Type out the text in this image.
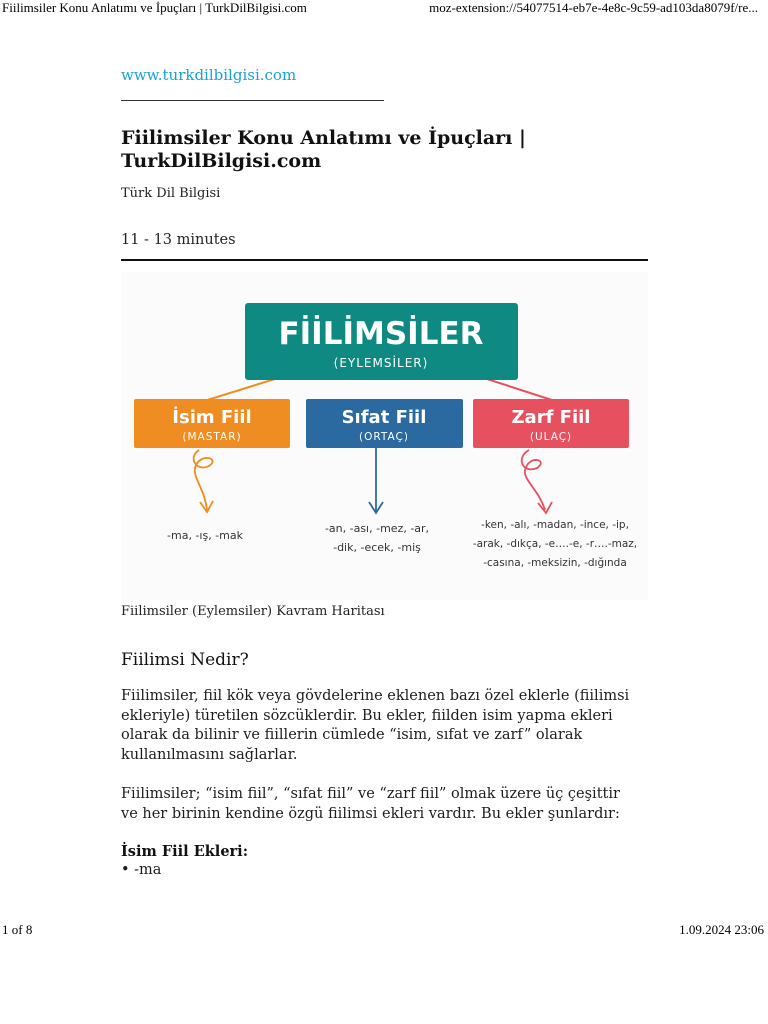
Fiilimsiler Konu Anlatımı ve İpuçları | TurkDilBilgisi.com	moz-extension://54077514-eb7e-4e8c-9c59-ad103da8079f/re...
www.turkdilbilgisi.com
Fiilimsiler Konu Anlatımı ve İpuçları | TurkDilBilgisi.com
Türk Dil Bilgisi
11 - 13 minutes
FİİLİMSİLER
(EYLEMSİLER)
İsim Fiil
(MASTAR)
Sıfat Fiil
(ORTAÇ)
Zarf Fiil
(ULAÇ)
-ma, -ış, -mak
-an, -ası, -mez, -ar,
-dik, -ecek, -miş
-ken, -alı, -madan, -ince, -ip,
-arak, -dıkça, -e….-e, -r….-maz,
-casına, -meksizin, -dığında
Fiilimsiler (Eylemsiler) Kavram Haritası
Fiilimsi Nedir?

Fiilimsiler, fiil kök veya gövdelerine eklenen bazı özel eklerle (fiilimsi ekleriyle) türetilen sözcüklerdir. Bu ekler, fiilden isim yapma ekleri olarak da bilinir ve fiillerin cümlede “isim, sıfat ve zarf” olarak kullanılmasını sağlarlar.

Fiilimsiler; “isim fiil”, “sıfat fiil” ve “zarf fiil” olmak üzere üç çeşittir ve her birinin kendine özgü fiilimsi ekleri vardır. Bu ekler şunlardır:

İsim Fiil Ekleri:
• -ma
1 of 8	1.09.2024 23:06
